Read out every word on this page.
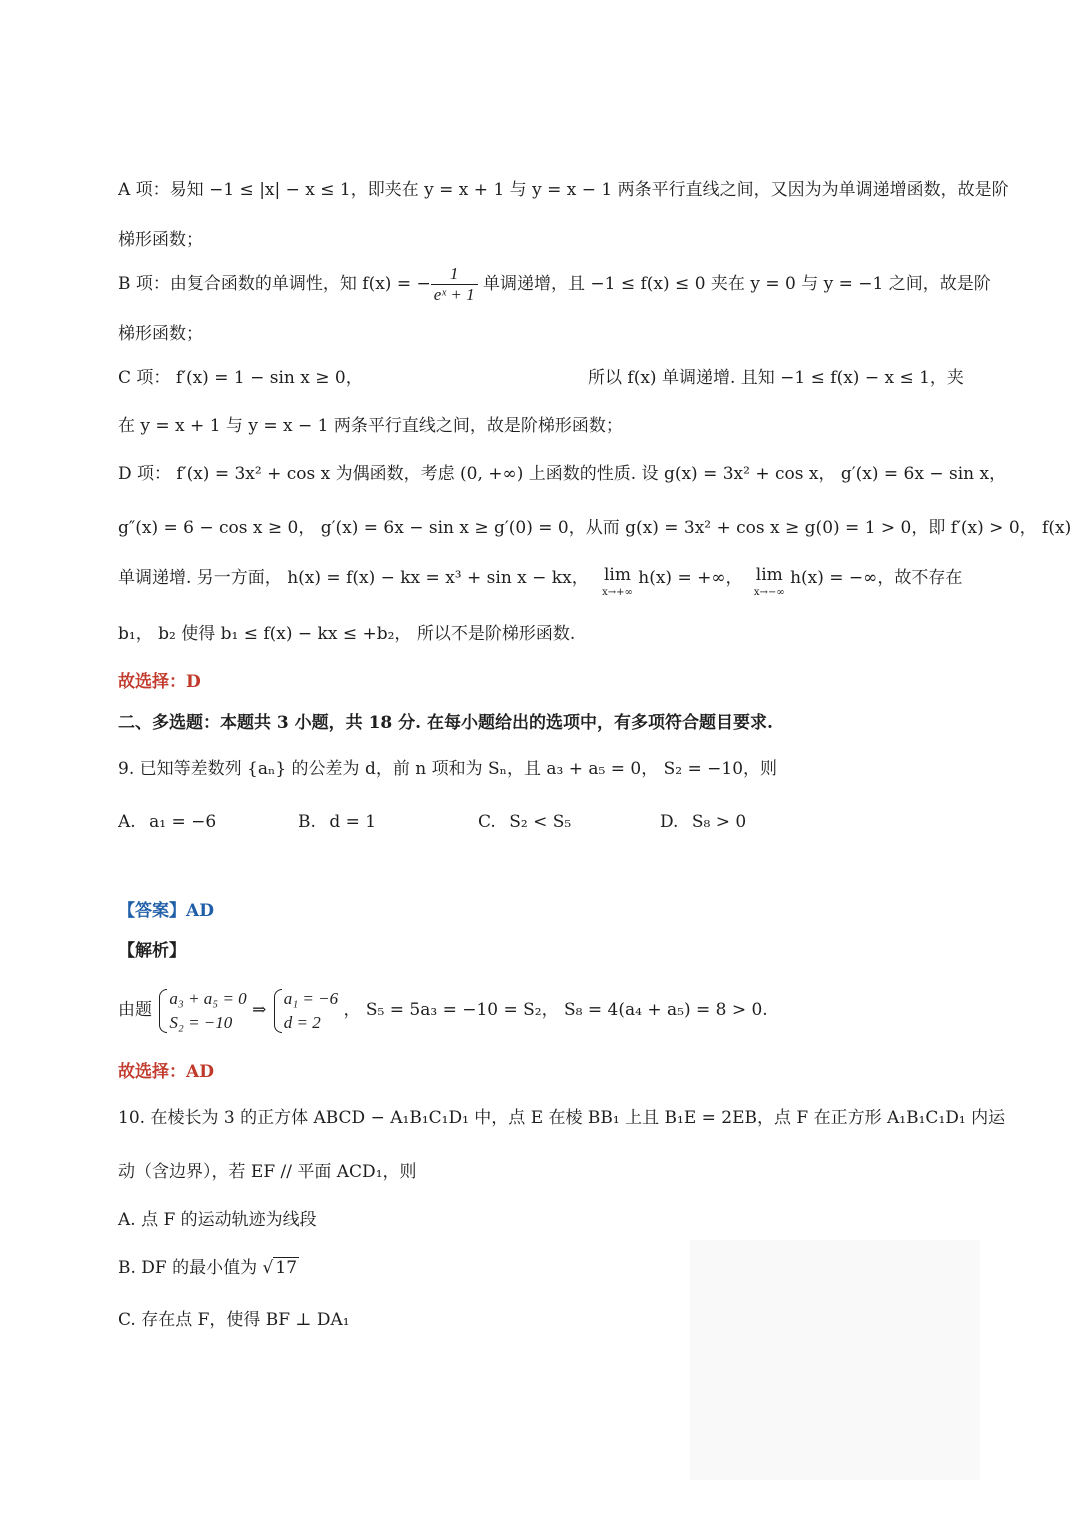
A 项：易知 −1 ≤ |x| − x ≤ 1，即夹在 y = x + 1 与 y = x − 1 两条平行直线之间，又因为为单调递增函数，故是阶
梯形函数；
B 项：由复合函数的单调性，知 f(x) = − $\frac{1}{\text{eˣ + 1}}$ 单调递增，且 −1 ≤ f(x) ≤ 0 夹在 y = 0 与 y = −1 之间，故是阶
梯形函数；
C 项： f′(x) = 1 − sin x ≥ 0，	所以 f(x) 单调递增. 且知 −1 ≤ f(x) − x ≤ 1，夹
在 y = x + 1 与 y = x − 1 两条平行直线之间，故是阶梯形函数；
D 项： f′(x) = 3x² + cos x 为偶函数，考虑 (0, +∞) 上函数的性质. 设 g(x) = 3x² + cos x， g′(x) = 6x − sin x，
g″(x) = 6 − cos x ≥ 0， g′(x) = 6x − sin x ≥ g′(0) = 0，从而 g(x) = 3x² + cos x ≥ g(0) = 1 > 0，即 f′(x) > 0， f(x)
单调递增. 另一方面， h(x) = f(x) − kx = x³ + sin x − kx， lim
x→+∞
h(x) = +∞， lim
x→−∞
h(x) = −∞，故不存在
b₁， b₂ 使得 b₁ ≤ f(x) − kx ≤ +b₂， 所以不是阶梯形函数.
故选择：D
二、多选题：本题共 3 小题，共 18 分. 在每小题给出的选项中，有多项符合题目要求.
9. 已知等差数列 {aₙ} 的公差为 d，前 n 项和为 Sₙ，且 a₃ + a₅ = 0， S₂ = −10，则
A. a₁ = −6	B. d = 1	C. S₂ < S₅	D. S₈ > 0
【答案】AD
【解析】
由题
a₃ + a₅ = 0
S₂ = −10
⇒
a₁ = −6
d = 2
， S₅ = 5a₃ = −10 = S₂， S₈ = 4(a₄ + a₅) = 8 > 0.
故选择：AD
10. 在棱长为 3 的正方体 ABCD − A₁B₁C₁D₁ 中，点 E 在棱 BB₁ 上且 B₁E = 2EB，点 F 在正方形 A₁B₁C₁D₁ 内运
动（含边界），若 EF // 平面 ACD₁，则
A. 点 F 的运动轨迹为线段
B. DF 的最小值为 √ 17
C. 存在点 F，使得 BF ⊥ DA₁
